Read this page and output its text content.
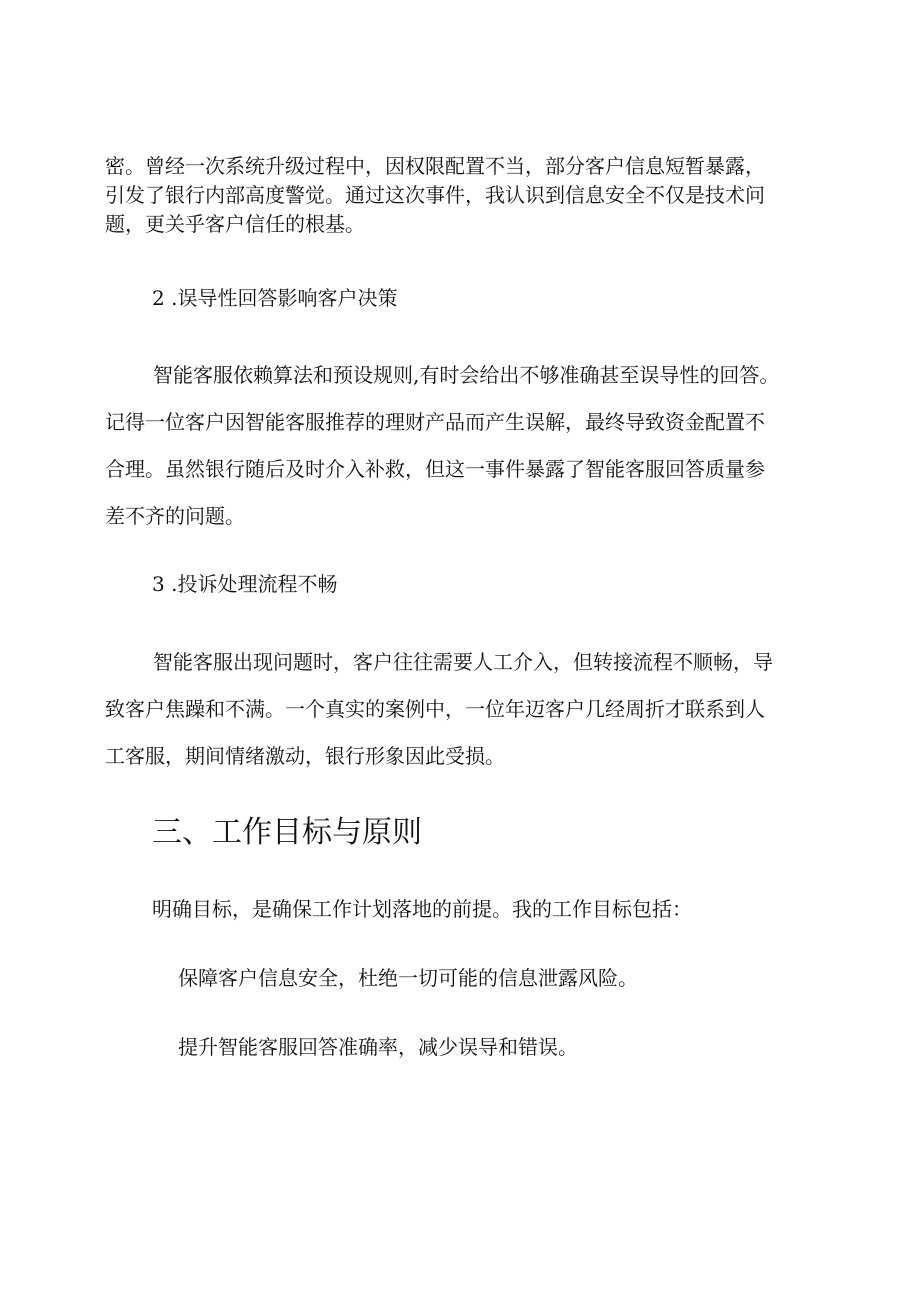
密。曾经一次系统升级过程中，因权限配置不当，部分客户信息短暂暴露，
引发了银行内部高度警觉。通过这次事件，我认识到信息安全不仅是技术问
题，更关乎客户信任的根基。

2 .误导性回答影响客户决策

智能客服依赖算法和预设规则,有时会给出不够准确甚至误导性的回答。
记得一位客户因智能客服推荐的理财产品而产生误解，最终导致资金配置不
合理。虽然银行随后及时介入补救，但这一事件暴露了智能客服回答质量参
差不齐的问题。

3 .投诉处理流程不畅

智能客服出现问题时，客户往往需要人工介入，但转接流程不顺畅，导
致客户焦躁和不满。一个真实的案例中，一位年迈客户几经周折才联系到人
工客服，期间情绪激动，银行形象因此受损。
三、工作目标与原则

明确目标，是确保工作计划落地的前提。我的工作目标包括：

保障客户信息安全，杜绝一切可能的信息泄露风险。

提升智能客服回答准确率，减少误导和错误。
